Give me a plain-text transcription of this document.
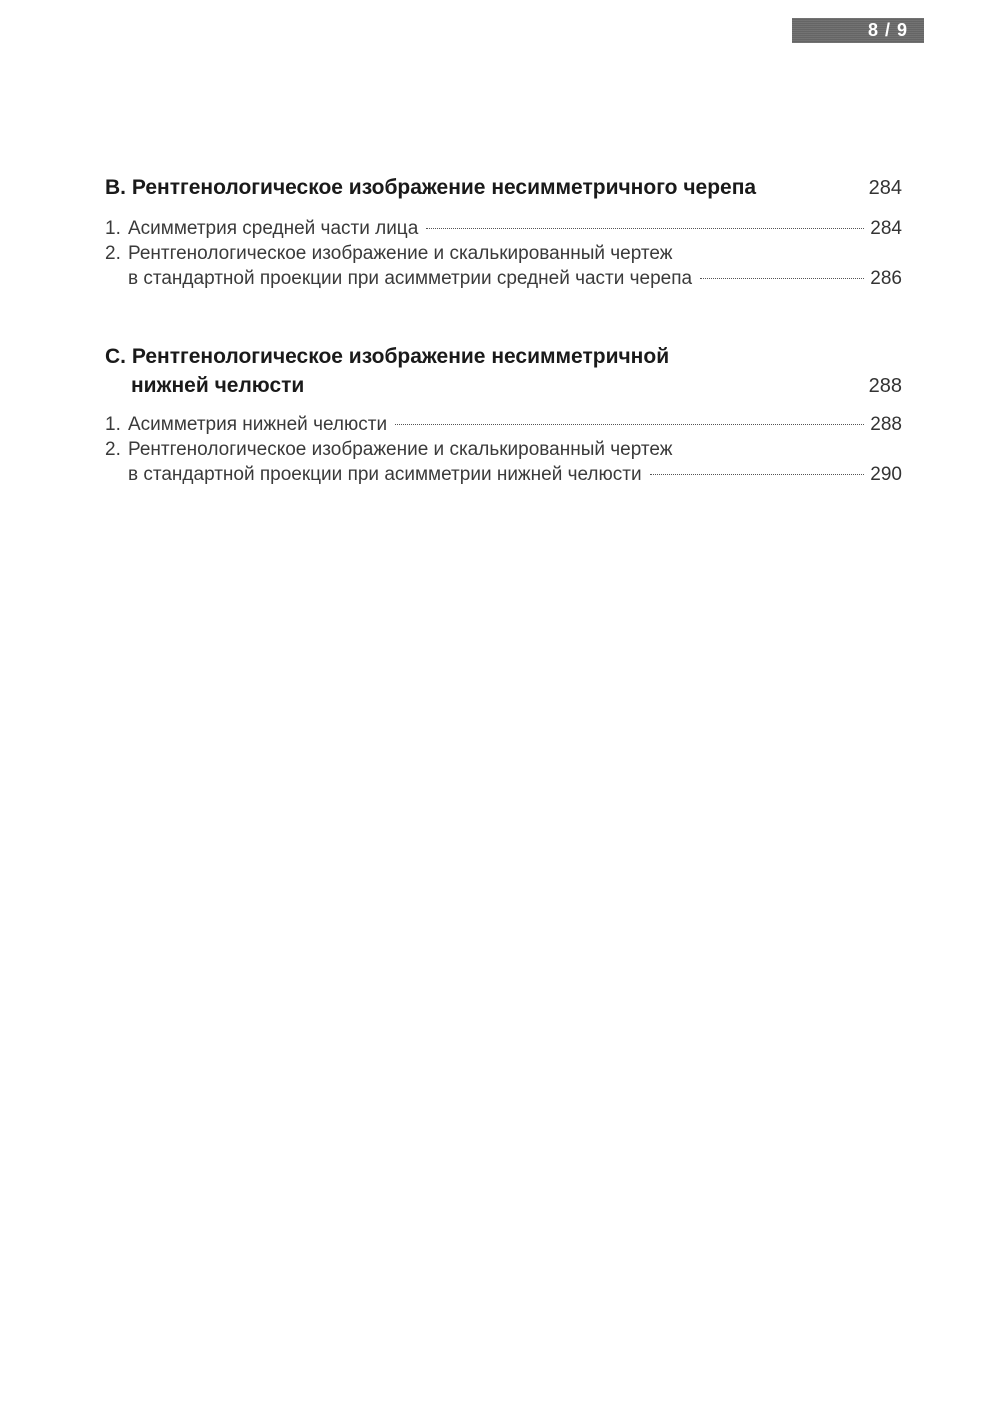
8 / 9
B. Рентгенологическое изображение несимметричного черепа	284
1. Асимметрия средней части лица	284
2. Рентгенологическое изображение и скалькированный чертеж
в стандартной проекции при асимметрии средней части черепа	286
C. Рентгенологическое изображение несимметричной
нижней челюсти	288
1. Асимметрия нижней челюсти	288
2. Рентгенологическое изображение и скалькированный чертеж
в стандартной проекции при асимметрии нижней челюсти	290
